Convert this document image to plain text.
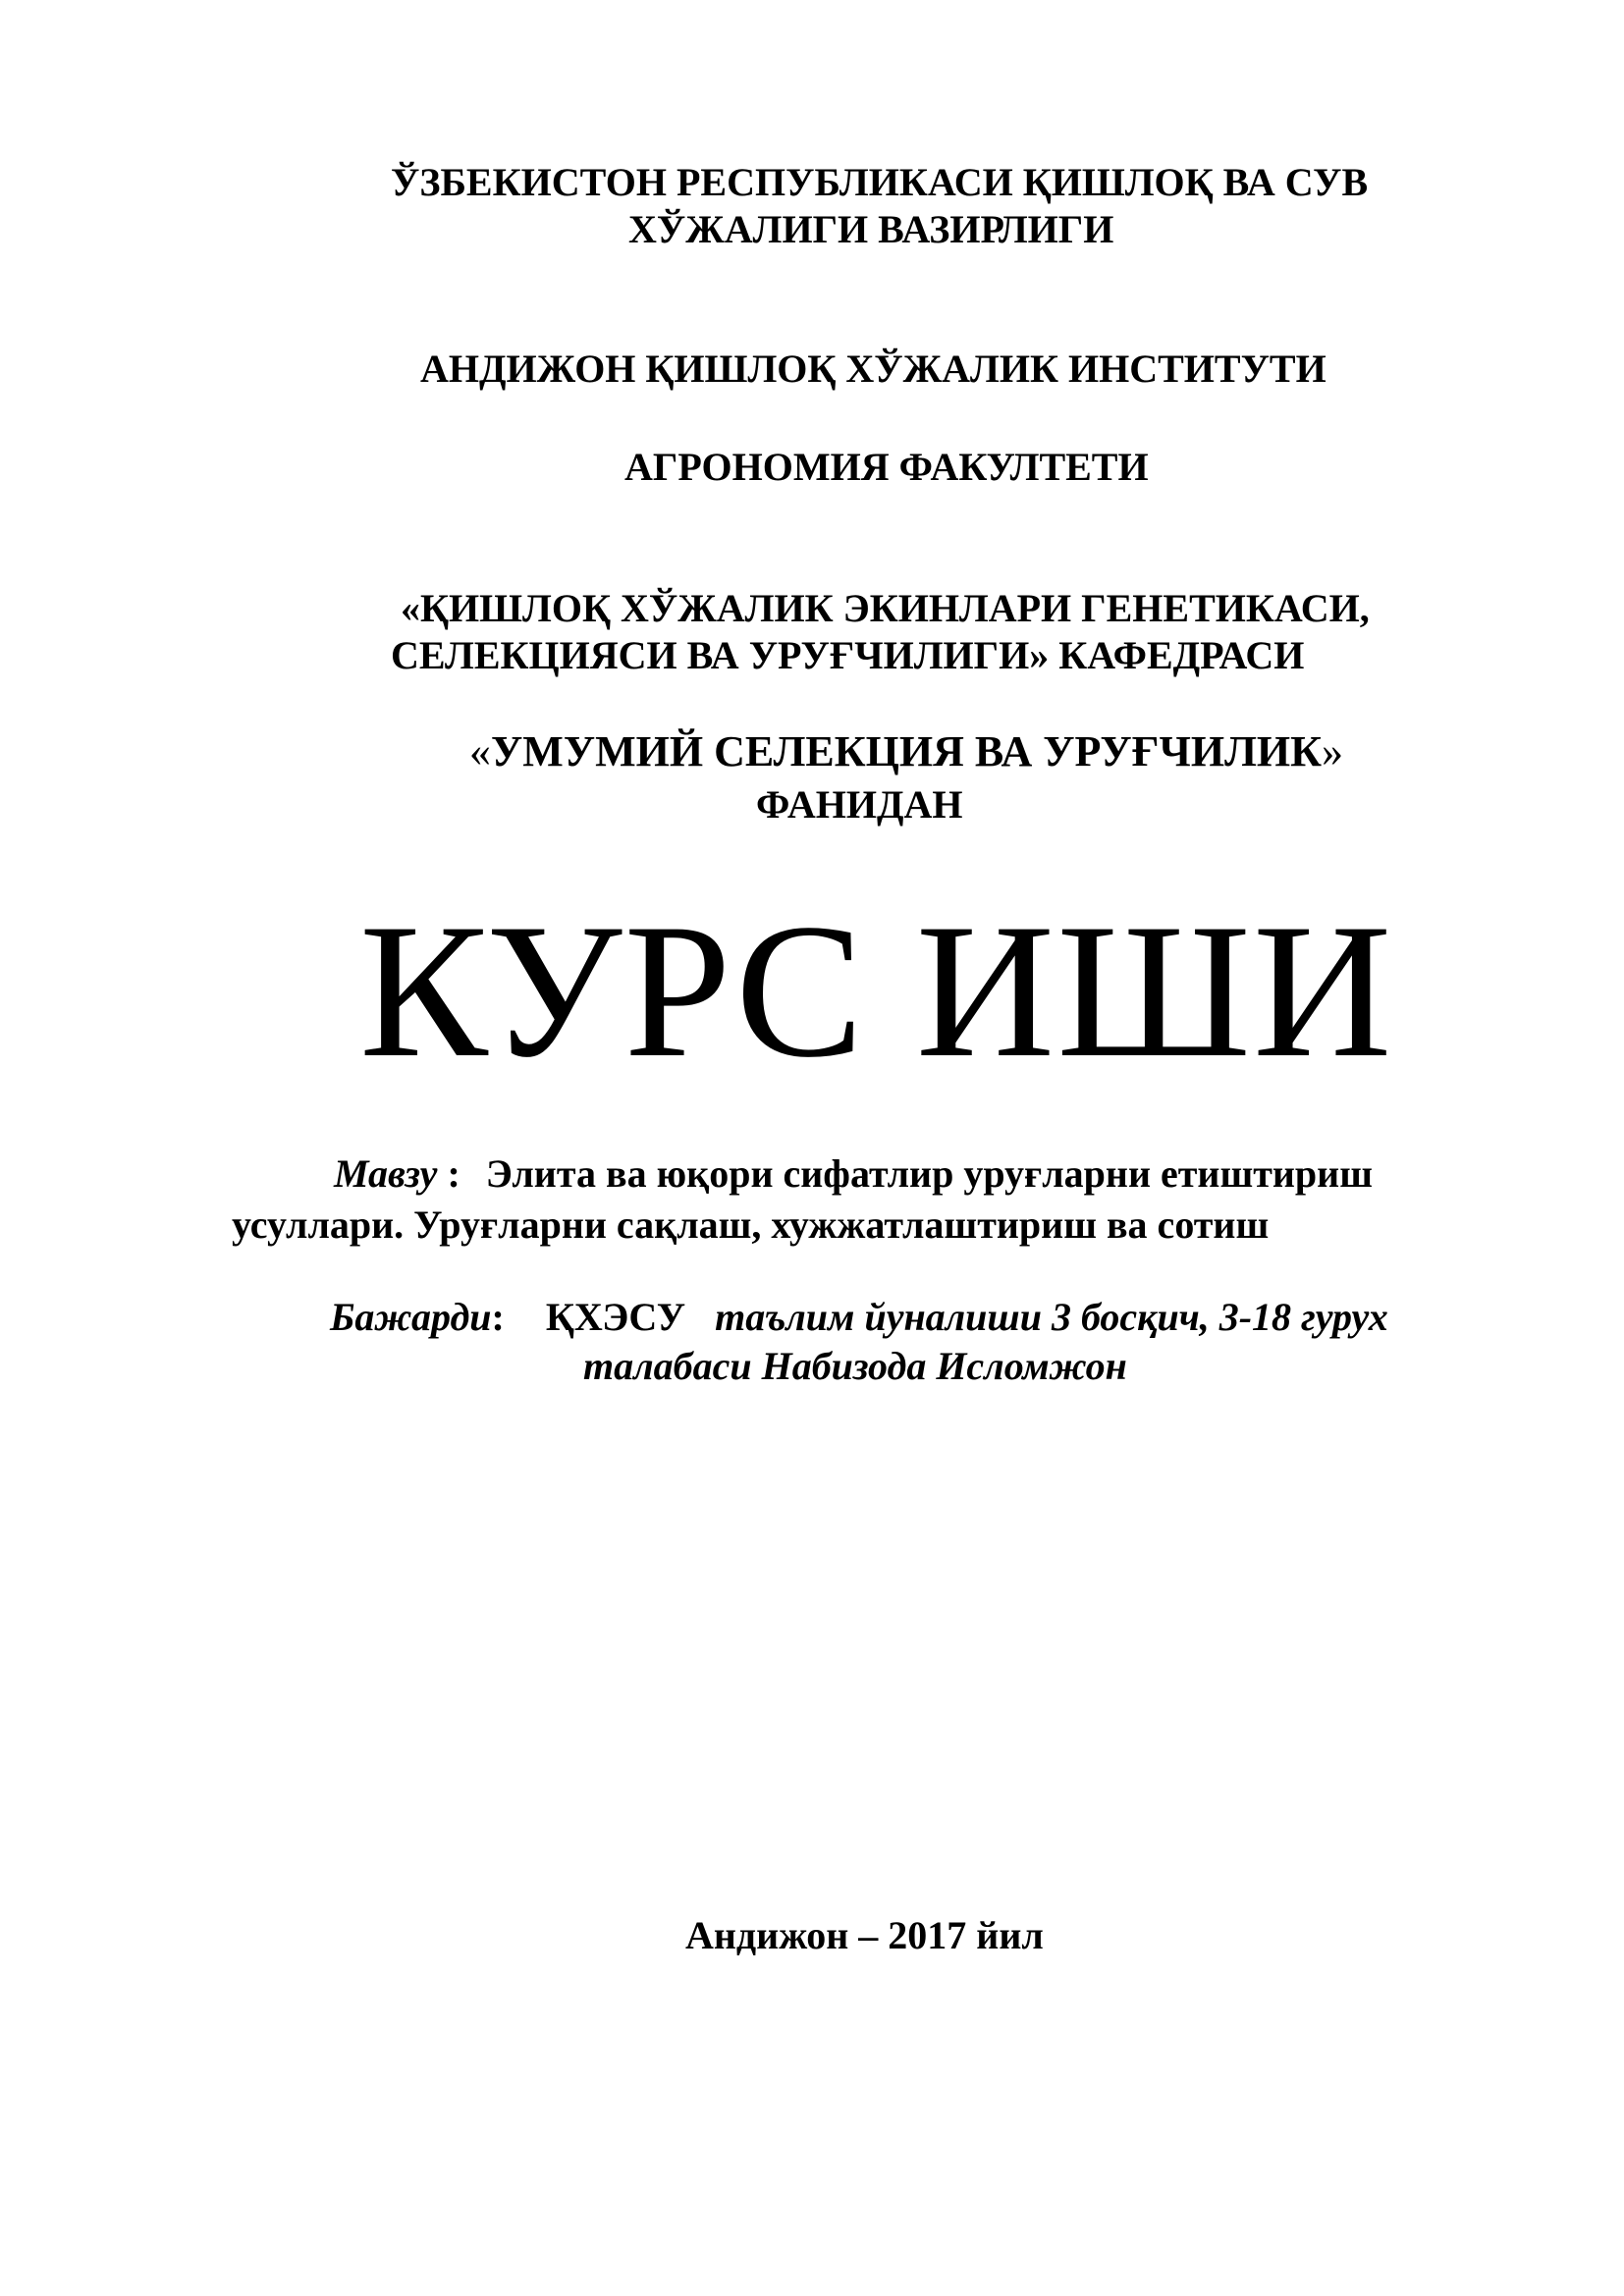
ЎЗБЕКИСТОН РЕСПУБЛИКАСИ ҚИШЛОҚ ВА СУВ
ХЎЖАЛИГИ ВАЗИРЛИГИ
АНДИЖОН ҚИШЛОҚ ХЎЖАЛИК ИНСТИТУТИ
АГРОНОМИЯ ФАКУЛТЕТИ
«ҚИШЛОҚ ХЎЖАЛИК ЭКИНЛАРИ ГЕНЕТИКАСИ,
СЕЛЕКЦИЯСИ ВА УРУҒЧИЛИГИ» КАФЕДРАСИ
«УМУМИЙ СЕЛЕКЦИЯ ВА УРУҒЧИЛИК»
ФАНИДАН
КУРС ИШИ
Мавзу : Элита ва юқори сифатлир уруғларни етиштириш
усуллари. Уруғларни сақлаш, хужжатлаштириш ва сотиш
Бажарди: ҚХЭСУ таълим йуналиши 3 босқич, 3-18 гурух
талабаси Набизода Исломжон
Андижон – 2017 йил
